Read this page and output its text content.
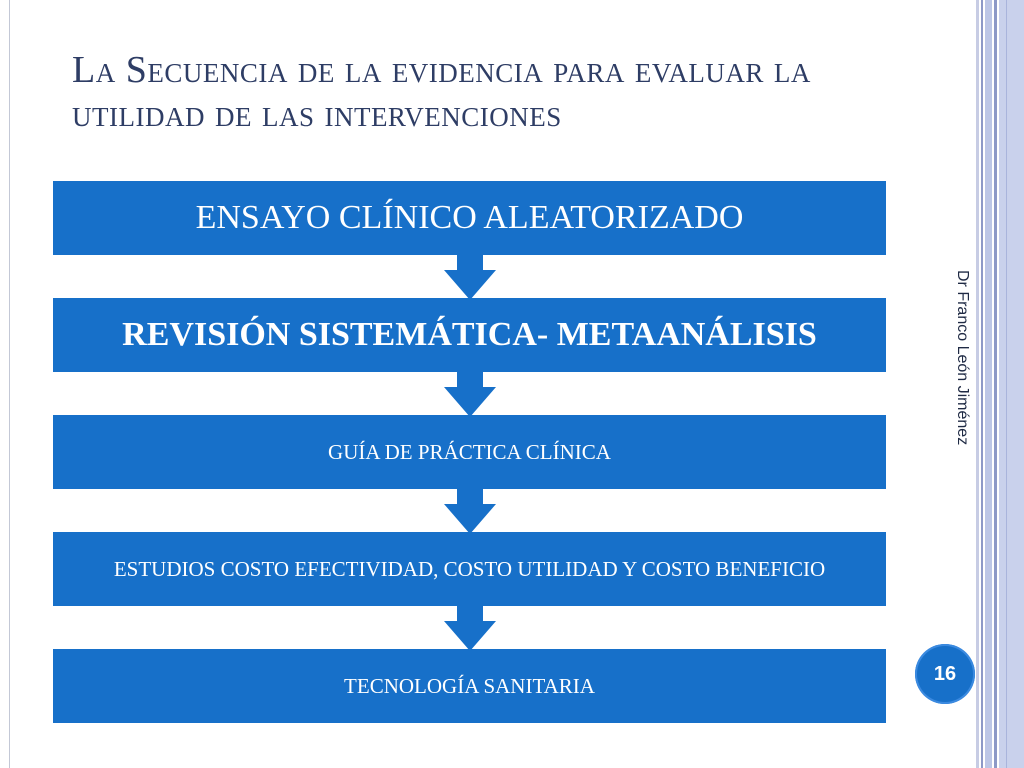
La Secuencia de la evidencia para evaluar la utilidad de las intervenciones
ENSAYO CLÍNICO ALEATORIZADO
REVISIÓN SISTEMÁTICA- METAANÁLISIS
GUÍA DE PRÁCTICA CLÍNICA
ESTUDIOS COSTO EFECTIVIDAD, COSTO UTILIDAD Y COSTO BENEFICIO
TECNOLOGÍA SANITARIA
Dr Franco León Jiménez
16
